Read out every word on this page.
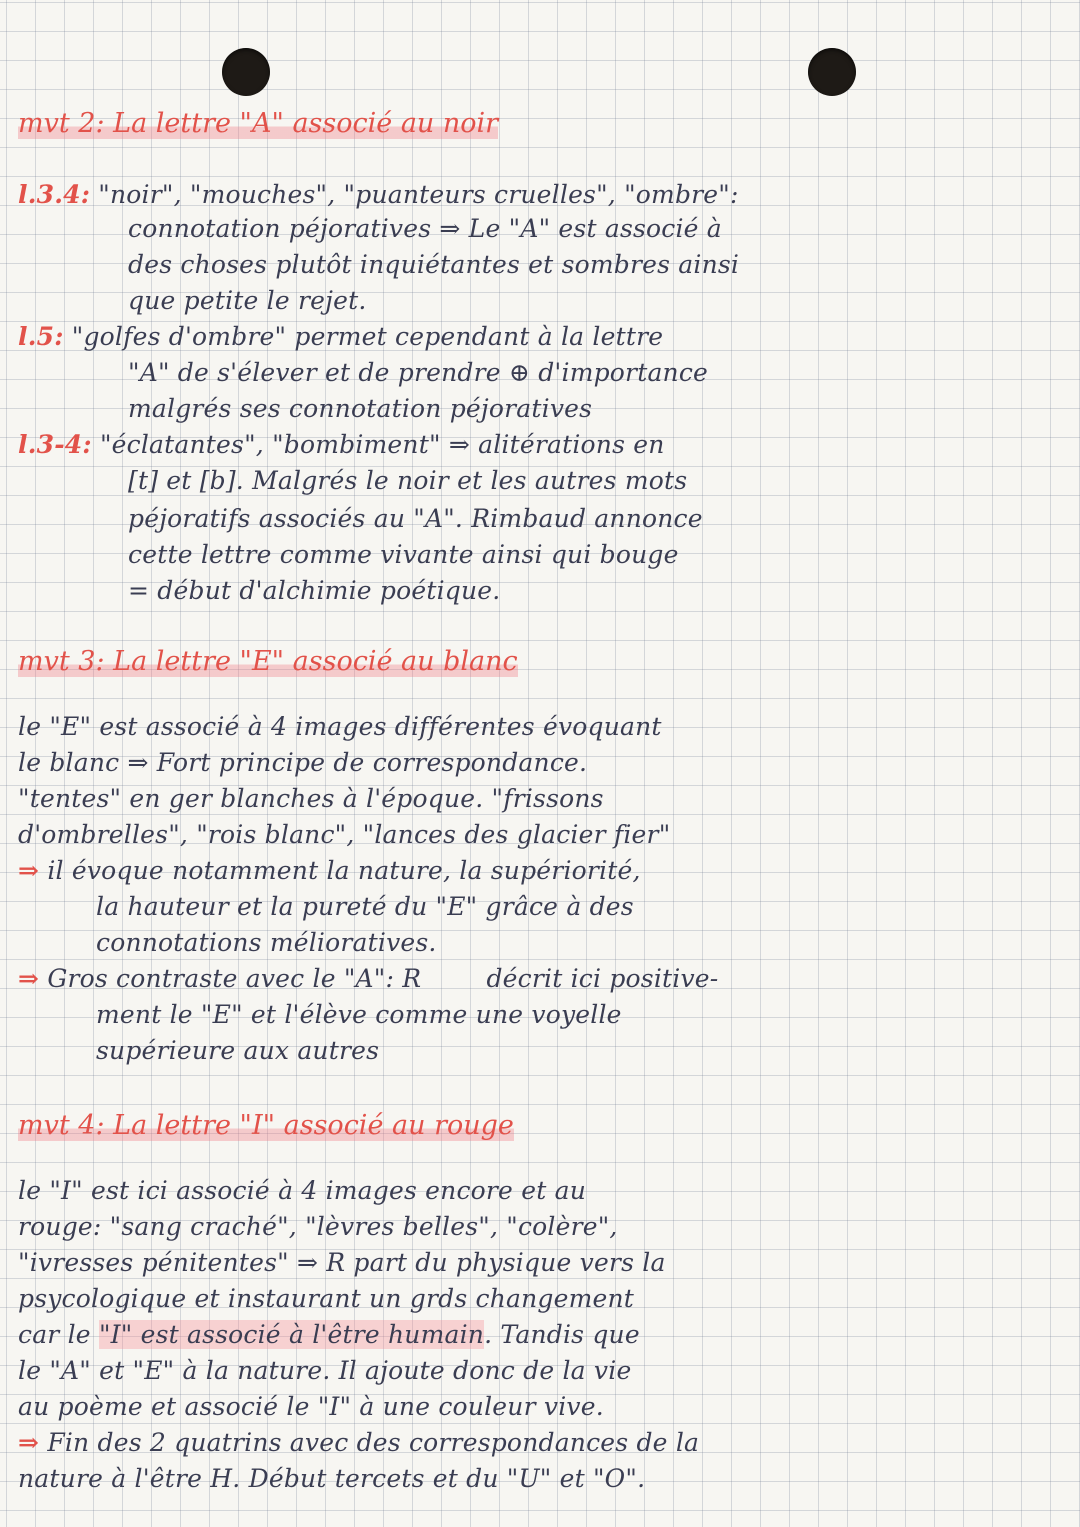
mvt 2: La lettre "A" associé au noir
l.3.4: "noir", "mouches", "puanteurs cruelles", "ombre":
connotation péjoratives ⇒ Le "A" est associé à
des choses plutôt inquiétantes et sombres ainsi
que petite le rejet.
l.5: "golfes d'ombre" permet cependant à la lettre
"A" de s'élever et de prendre ⊕ d'importance
malgrés ses connotation péjoratives
l.3-4: "éclatantes", "bombiment" ⇒ alitérations en
[t] et [b]. Malgrés le noir et les autres mots
péjoratifs associés au "A". Rimbaud annonce
cette lettre comme vivante ainsi qui bouge
= début d'alchimie poétique.
mvt 3: La lettre "E" associé au blanc
le "E" est associé à 4 images différentes évoquant
le blanc ⇒ Fort principe de correspondance.
"tentes" en ger blanches à l'époque. "frissons
d'ombrelles", "rois blanc", "lances des glacier fier"
⇒ il évoque notamment la nature, la supériorité,
la hauteur et la pureté du "E" grâce à des
connotations mélioratives.
⇒ Gros contraste avec le "A": R        décrit ici positive-
ment le "E" et l'élève comme une voyelle
supérieure aux autres
mvt 4: La lettre "I" associé au rouge
le "I" est ici associé à 4 images encore et au
rouge: "sang craché", "lèvres belles", "colère",
"ivresses pénitentes" ⇒ R part du physique vers la
psycologique et instaurant un grds changement
car le "I" est associé à l'être humain. Tandis que
le "A" et "E" à la nature. Il ajoute donc de la vie
au poème et associé le "I" à une couleur vive.
⇒ Fin des 2 quatrins avec des correspondances de la
nature à l'être H. Début tercets et du "U" et "O".
